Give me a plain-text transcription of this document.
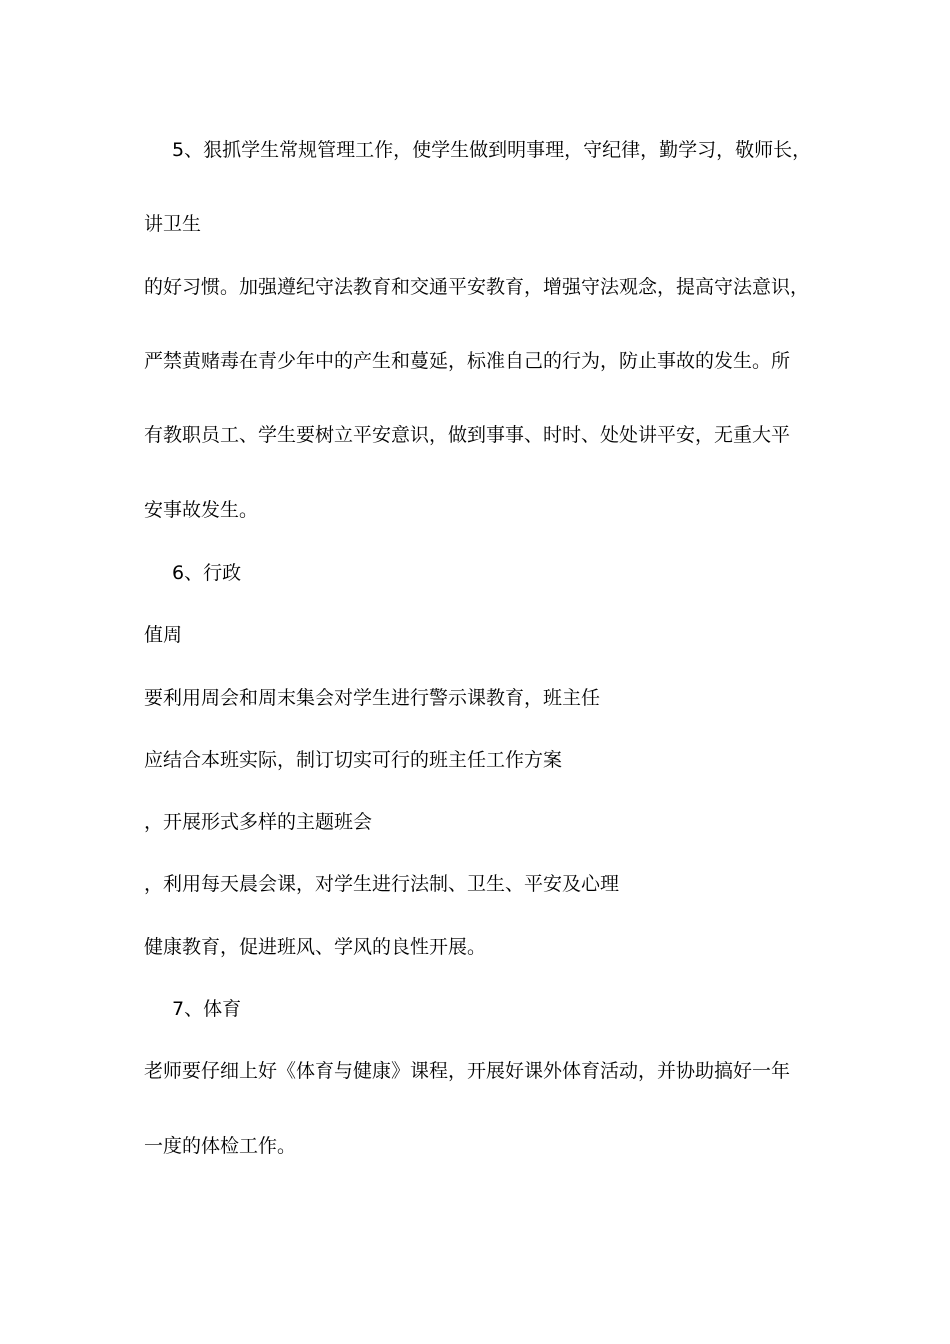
5、狠抓学生常规管理工作，使学生做到明事理，守纪律，勤学习，敬师长，
讲卫生
的好习惯。加强遵纪守法教育和交通平安教育，增强守法观念，提高守法意识，
严禁黄赌毒在青少年中的产生和蔓延，标准自己的行为，防止事故的发生。所
有教职员工、学生要树立平安意识，做到事事、时时、处处讲平安，无重大平
安事故发生。
6、行政
值周
要利用周会和周末集会对学生进行警示课教育，班主任
应结合本班实际，制订切实可行的班主任工作方案
，开展形式多样的主题班会
，利用每天晨会课，对学生进行法制、卫生、平安及心理
健康教育，促进班风、学风的良性开展。
7、体育
老师要仔细上好《体育与健康》课程，开展好课外体育活动，并协助搞好一年
一度的体检工作。
